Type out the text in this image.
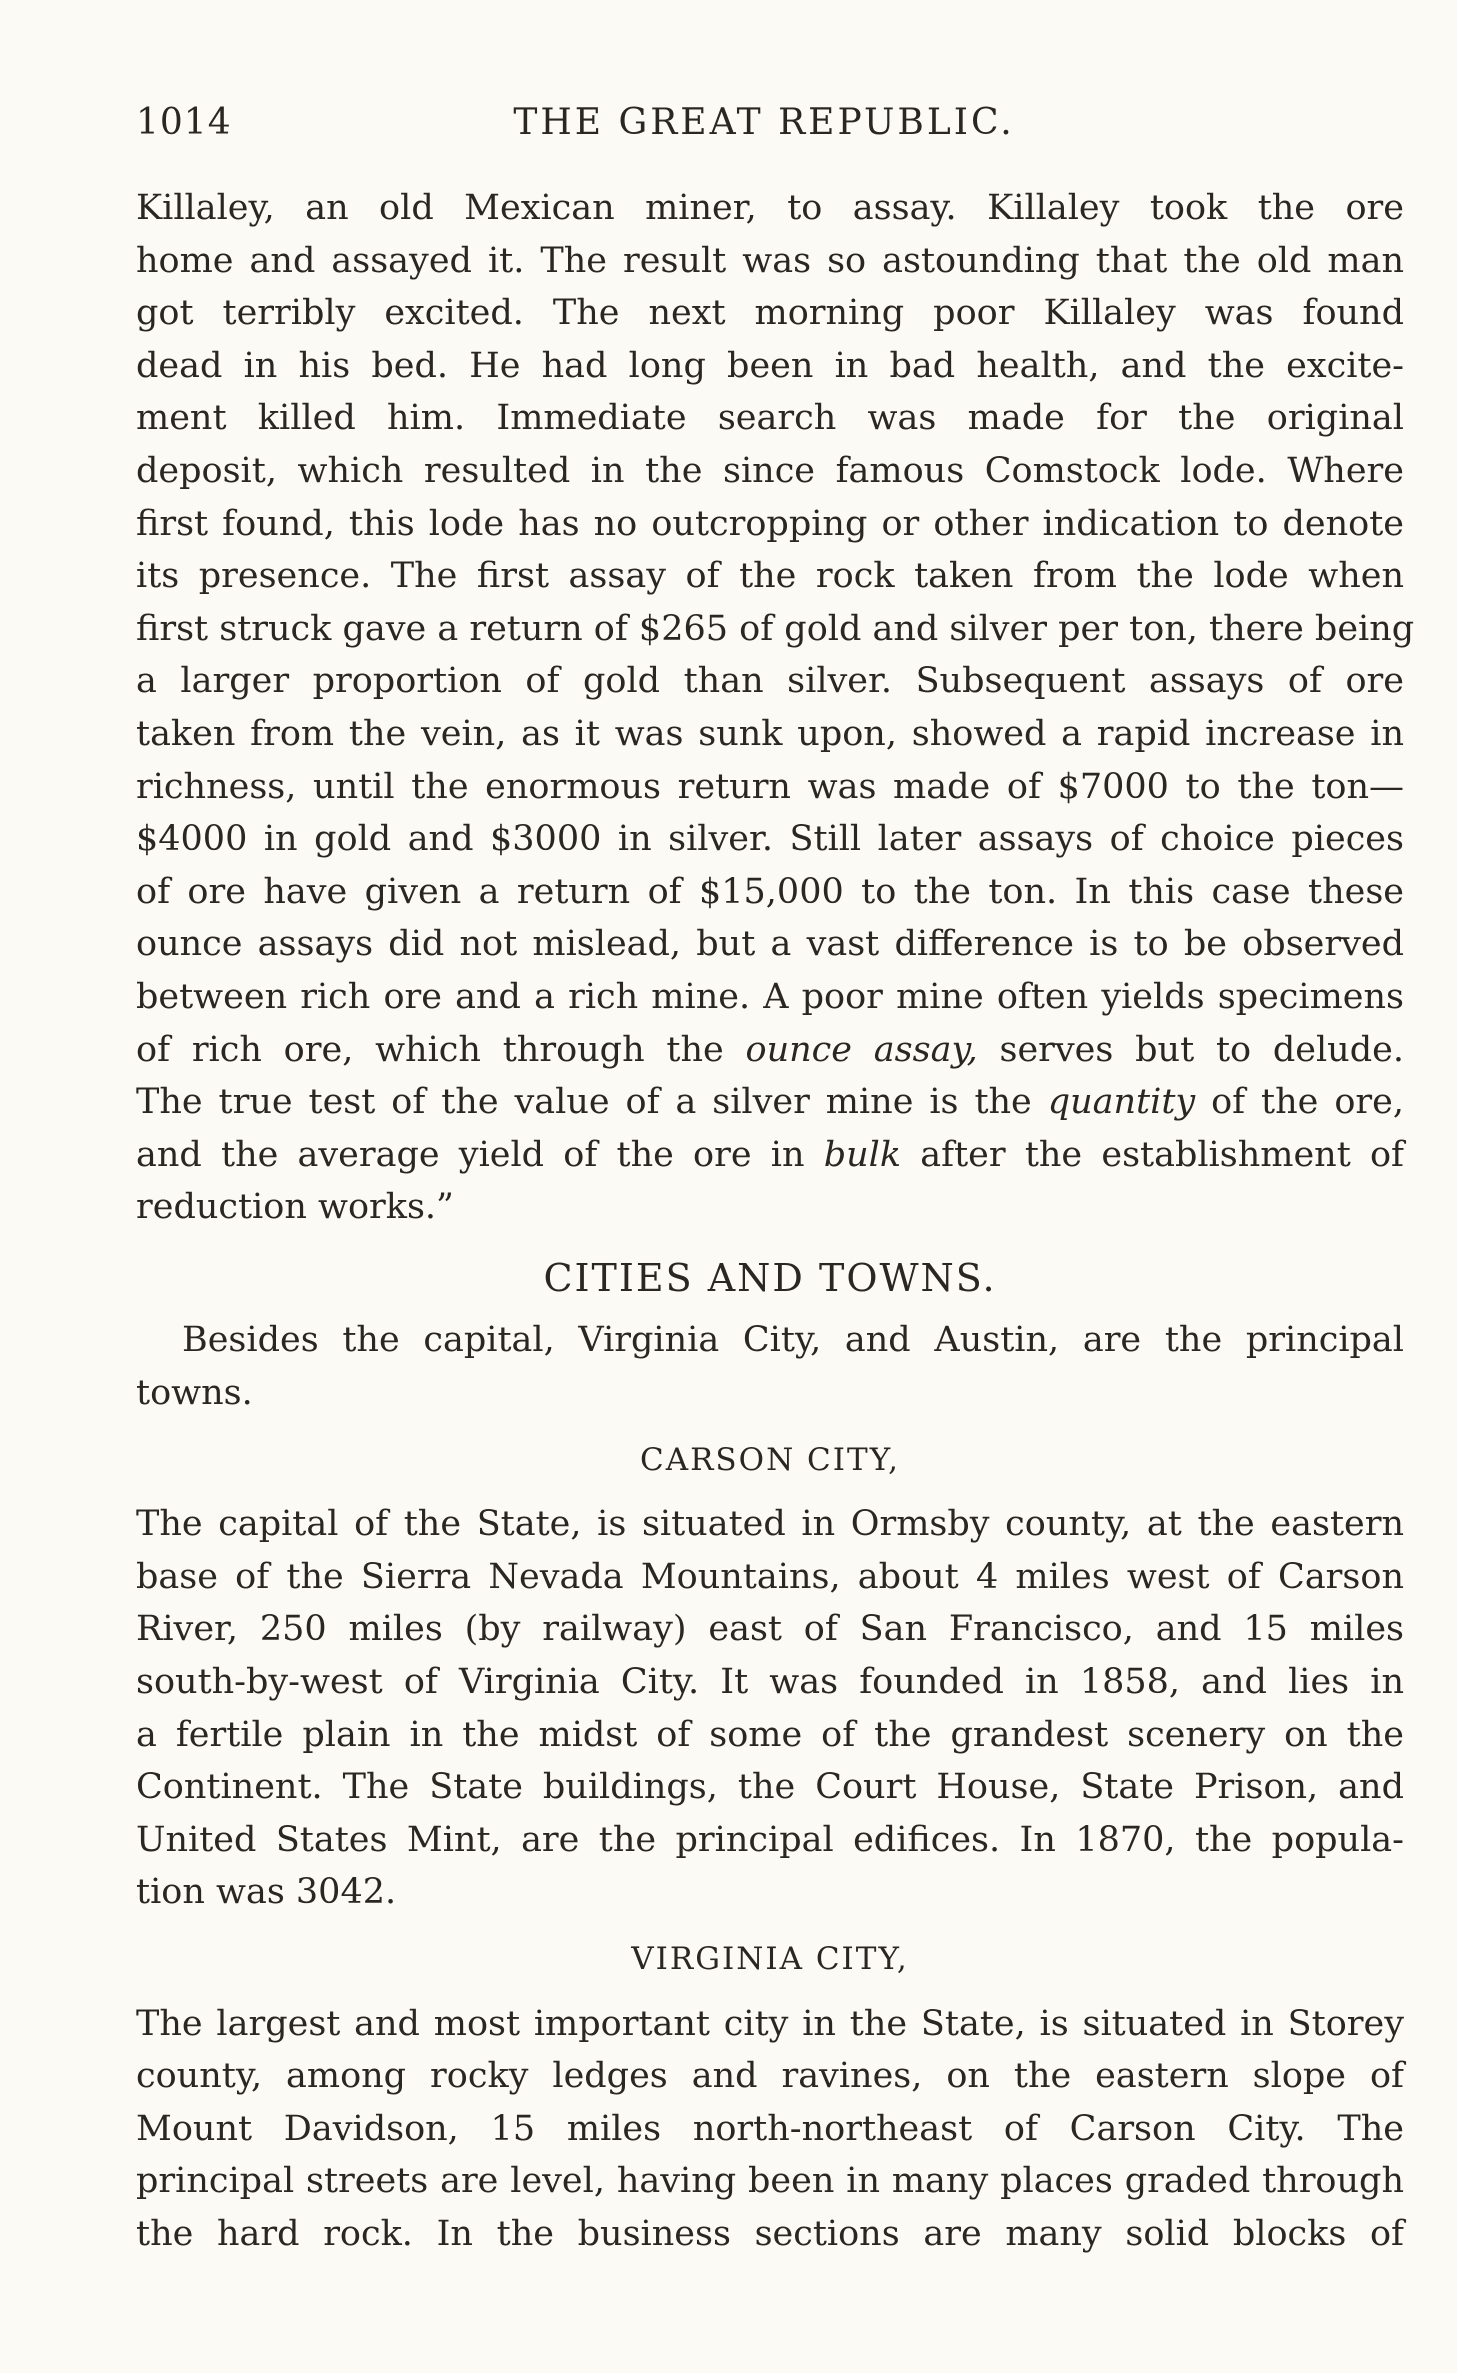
1014	THE GREAT REPUBLIC.
Killaley, an old Mexican miner, to assay. Killaley took the ore
home and assayed it. The result was so astounding that the old man
got terribly excited. The next morning poor Killaley was found
dead in his bed. He had long been in bad health, and the excite-
ment killed him. Immediate search was made for the original
deposit, which resulted in the since famous Comstock lode. Where
first found, this lode has no outcropping or other indication to denote
its presence. The first assay of the rock taken from the lode when
first struck gave a return of $265 of gold and silver per ton, there being
a larger proportion of gold than silver. Subsequent assays of ore
taken from the vein, as it was sunk upon, showed a rapid increase in
richness, until the enormous return was made of $7000 to the ton—
$4000 in gold and $3000 in silver. Still later assays of choice pieces
of ore have given a return of $15,000 to the ton. In this case these
ounce assays did not mislead, but a vast difference is to be observed
between rich ore and a rich mine. A poor mine often yields specimens
of rich ore, which through the ounce assay, serves but to delude.
The true test of the value of a silver mine is the quantity of the ore,
and the average yield of the ore in bulk after the establishment of
reduction works.”
CITIES AND TOWNS.
Besides the capital, Virginia City, and Austin, are the principal
towns.
CARSON CITY,
The capital of the State, is situated in Ormsby county, at the eastern
base of the Sierra Nevada Mountains, about 4 miles west of Carson
River, 250 miles (by railway) east of San Francisco, and 15 miles
south-by-west of Virginia City. It was founded in 1858, and lies in
a fertile plain in the midst of some of the grandest scenery on the
Continent. The State buildings, the Court House, State Prison, and
United States Mint, are the principal edifices. In 1870, the popula-
tion was 3042.
VIRGINIA CITY,
The largest and most important city in the State, is situated in Storey
county, among rocky ledges and ravines, on the eastern slope of
Mount Davidson, 15 miles north-northeast of Carson City. The
principal streets are level, having been in many places graded through
the hard rock. In the business sections are many solid blocks of
